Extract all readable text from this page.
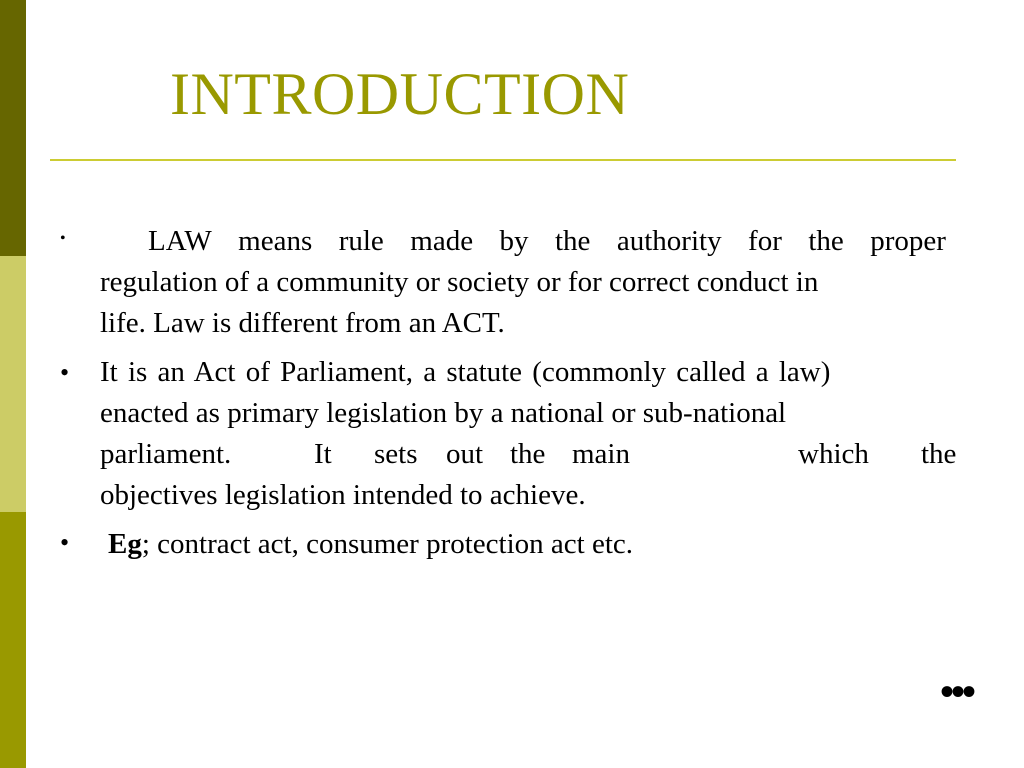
INTRODUCTION
•	LAW means rule made by the authority for the proper
regulation of a community or society or for correct conduct in
life. Law is different from an ACT.
• It is an Act of Parliament, a statute (commonly called a law)
enacted as primary legislation by a national or sub-national
parliament.	It sets out the main	which the
objectives legislation intended to achieve.
• Eg; contract act, consumer protection act etc.
•••
